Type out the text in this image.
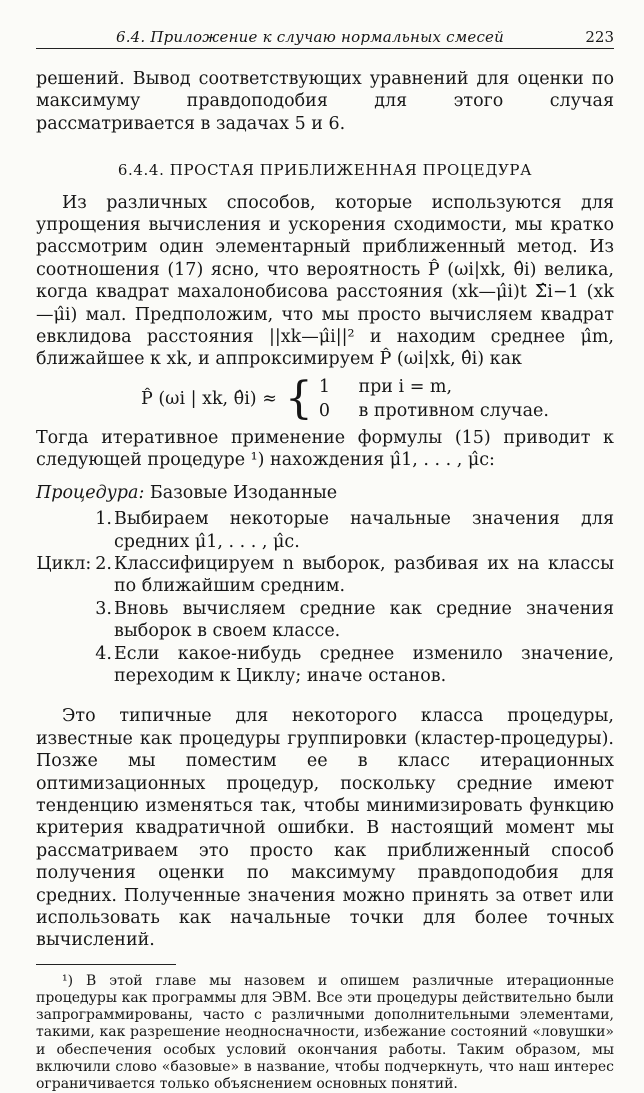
6.4. Приложение к случаю нормальных смесей	223

решений. Вывод соответствующих уравнений для оценки по максимуму правдоподобия для этого случая рассматривается в задачах 5 и 6.

6.4.4. ПРОСТАЯ ПРИБЛИЖЕННАЯ ПРОЦЕДУРА

Из различных способов, которые используются для упрощения вычисления и ускорения сходимости, мы кратко рассмотрим один элементарный приближенный метод. Из соотношения (17) ясно, что вероятность P̂ (ωi|xk, θ̂i) велика, когда квадрат махалонобисова расстояния (xk—μ̂i)t Σ̂i−1 (xk—μ̂i) мал. Предположим, что мы просто вычисляем квадрат евклидова расстояния ||xk—μ̂i||² и находим среднее μ̂m, ближайшее к xk, и аппроксимируем P̂ (ωi|xk, θ̂i) как

P̂ (ωi | xk, θ̂i) ≈ { 1 при i = m,
0 в противном случае.

Тогда итеративное применение формулы (15) приводит к следующей процедуре ¹) нахождения μ̂1, . . . , μ̂c:

Процедура: Базовые Изоданные
1. Выбираем некоторые начальные значения для средних μ̂1, . . . , μ̂c.
Цикл: 2. Классифицируем n выборок, разбивая их на классы по ближайшим средним.
3. Вновь вычисляем средние как средние значения выборок в своем классе.
4. Если какое-нибудь среднее изменило значение, переходим к Циклу; иначе останов.

Это типичные для некоторого класса процедуры, известные как процедуры группировки (кластер-процедуры). Позже мы поместим ее в класс итерационных оптимизационных процедур, поскольку средние имеют тенденцию изменяться так, чтобы минимизировать функцию критерия квадратичной ошибки. В настоящий момент мы рассматриваем это просто как приближенный способ получения оценки по максимуму правдоподобия для средних. Полученные значения можно принять за ответ или использовать как начальные точки для более точных вычислений.

¹) В этой главе мы назовем и опишем различные итерационные процедуры как программы для ЭВМ. Все эти процедуры действительно были запрограммированы, часто с различными дополнительными элементами, такими, как разрешение неодносначности, избежание состояний «ловушки» и обеспечения особых условий окончания работы. Таким образом, мы включили слово «базовые» в название, чтобы подчеркнуть, что наш интерес ограничивается только объяснением основных понятий.
